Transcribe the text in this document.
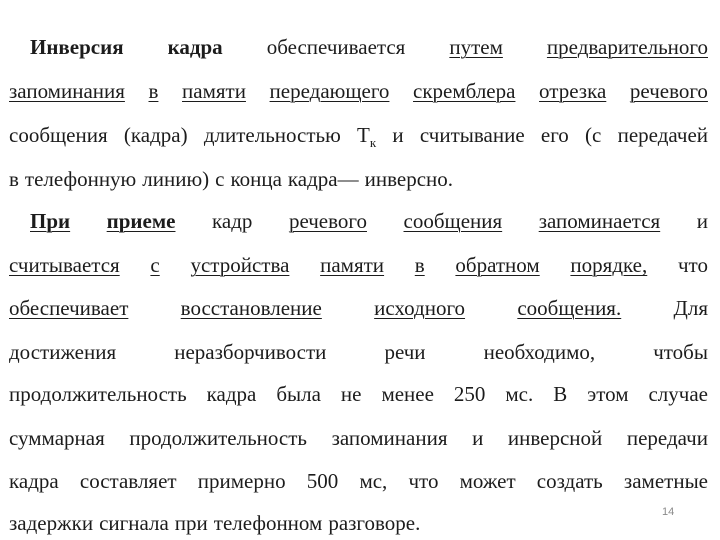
Инверсия кадра обеспечивается путем предварительного
запоминания в памяти передающего скремблера отрезка речевого
сообщения (кадра) длительностью $T_к$ и считывание его (с передачей
в телефонную линию) с конца кадра— инверсно.
При приеме кадр речевого сообщения запоминается и
считывается с устройства памяти в обратном порядке, что
обеспечивает восстановление исходного сообщения. Для
достижения	неразборчивости	речи	необходимо,	чтобы
продолжительность кадра была не менее 250 мс. В этом случае
суммарная продолжительность запоминания и инверсной передачи
кадра составляет примерно 500 мс, что может создать заметные
задержки сигнала при телефонном разговоре.	14
